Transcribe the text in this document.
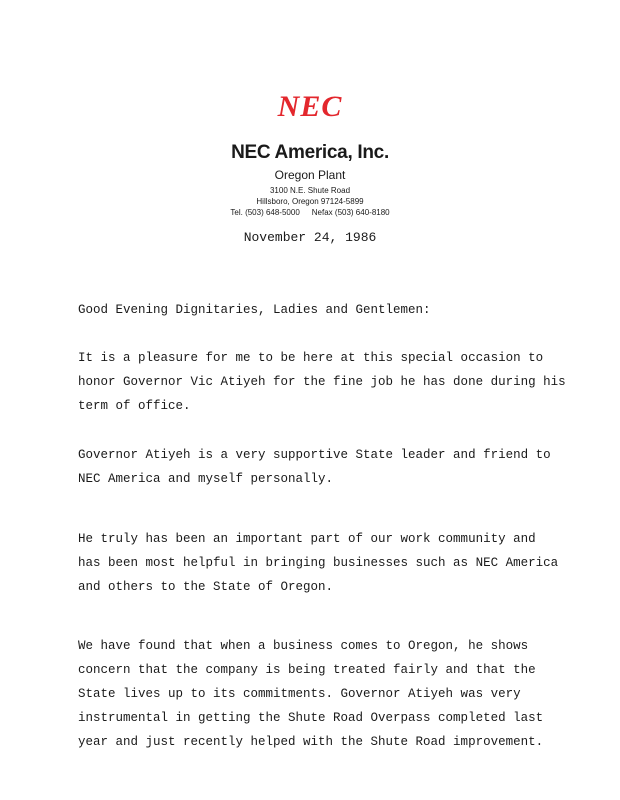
NEC
NEC America, Inc.
Oregon Plant
3100 N.E. Shute Road
Hillsboro, Oregon 97124-5899
Tel. (503) 648-5000 Nefax (503) 640-8180
November 24, 1986
Good Evening Dignitaries, Ladies and Gentlemen:
It is a pleasure for me to be here at this special occasion to
honor Governor Vic Atiyeh for the fine job he has done during his
term of office.
Governor Atiyeh is a very supportive State leader and friend to
NEC America and myself personally.
He truly has been an important part of our work community and
has been most helpful in bringing businesses such as NEC America
and others to the State of Oregon.
We have found that when a business comes to Oregon, he shows
concern that the company is being treated fairly and that the
State lives up to its commitments. Governor Atiyeh was very
instrumental in getting the Shute Road Overpass completed last
year and just recently helped with the Shute Road improvement.
